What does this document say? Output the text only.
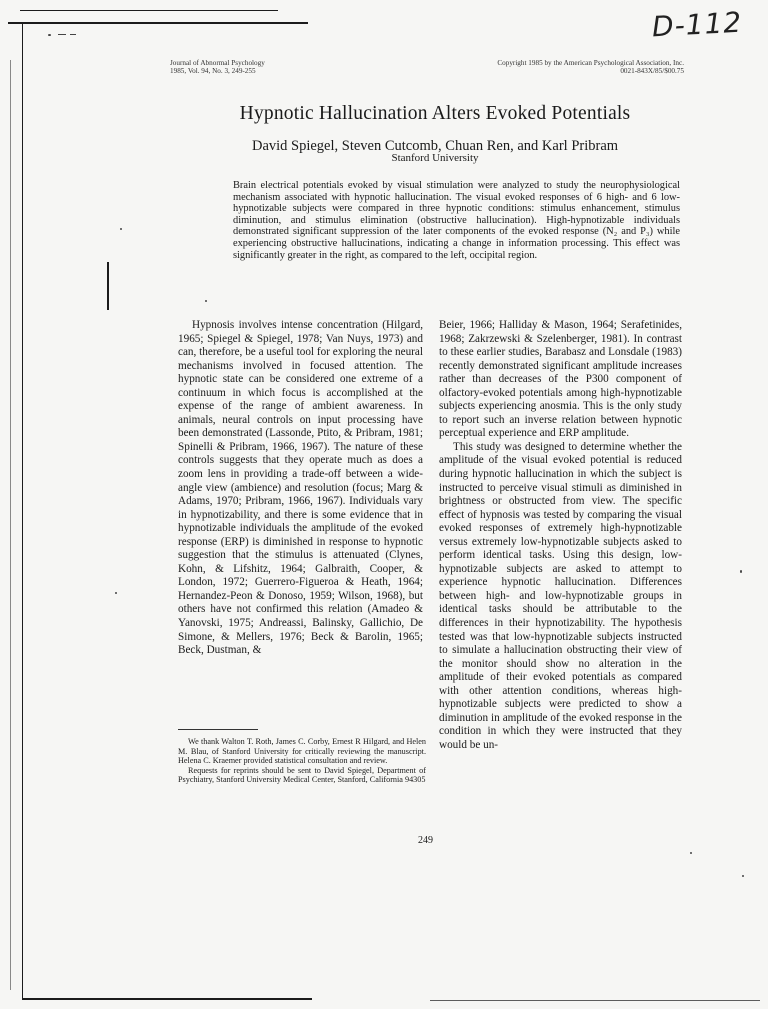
D-112
Journal of Abnormal Psychology
1985, Vol. 94, No. 3, 249-255
Copyright 1985 by the American Psychological Association, Inc.
0021-843X/85/$00.75
Hypnotic Hallucination Alters Evoked Potentials
David Spiegel, Steven Cutcomb, Chuan Ren, and Karl Pribram
Stanford University
Brain electrical potentials evoked by visual stimulation were analyzed to study the neurophysiological mechanism associated with hypnotic hallucination. The visual evoked responses of 6 high- and 6 low-hypnotizable subjects were compared in three hypnotic conditions: stimulus enhancement, stimulus diminution, and stimulus elimination (obstructive hallucination). High-hypnotizable individuals demonstrated significant suppression of the later components of the evoked response (N₂ and P₃) while experiencing obstructive hallucinations, indicating a change in information processing. This effect was significantly greater in the right, as compared to the left, occipital region.

Hypnosis involves intense concentration (Hilgard, 1965; Spiegel & Spiegel, 1978; Van Nuys, 1973) and can, therefore, be a useful tool for exploring the neural mechanisms involved in focused attention. The hypnotic state can be considered one extreme of a continuum in which focus is accomplished at the expense of the range of ambient awareness. In animals, neural controls on input processing have been demonstrated (Lassonde, Ptito, & Pribram, 1981; Spinelli & Pribram, 1966, 1967). The nature of these controls suggests that they operate much as does a zoom lens in providing a trade-off between a wide-angle view (ambience) and resolution (focus; Marg & Adams, 1970; Pribram, 1966, 1967). Individuals vary in hypnotizability, and there is some evidence that in hypnotizable individuals the amplitude of the evoked response (ERP) is diminished in response to hypnotic suggestion that the stimulus is attenuated (Clynes, Kohn, & Lifshitz, 1964; Galbraith, Cooper, & London, 1972; Guerrero-Figueroa & Heath, 1964; Hernandez-Peon & Donoso, 1959; Wilson, 1968), but others have not confirmed this relation (Amadeo & Yanovski, 1975; Andreassi, Balinsky, Gallichio, De Simone, & Mellers, 1976; Beck & Barolin, 1965; Beck, Dustman, &

Beier, 1966; Halliday & Mason, 1964; Serafetinides, 1968; Zakrzewski & Szelenberger, 1981). In contrast to these earlier studies, Barabasz and Lonsdale (1983) recently demonstrated significant amplitude increases rather than decreases of the P300 component of olfactory-evoked potentials among high-hypnotizable subjects experiencing anosmia. This is the only study to report such an inverse relation between hypnotic perceptual experience and ERP amplitude.

This study was designed to determine whether the amplitude of the visual evoked potential is reduced during hypnotic hallucination in which the subject is instructed to perceive visual stimuli as diminished in brightness or obstructed from view. The specific effect of hypnosis was tested by comparing the visual evoked responses of extremely high-hypnotizable versus extremely low-hypnotizable subjects asked to perform identical tasks. Using this design, low-hypnotizable subjects are asked to attempt to experience hypnotic hallucination. Differences between high- and low-hypnotizable groups in identical tasks should be attributable to the differences in their hypnotizability. The hypothesis tested was that low-hypnotizable subjects instructed to simulate a hallucination obstructing their view of the monitor should show no alteration in the amplitude of their evoked potentials as compared with other attention conditions, whereas high-hypnotizable subjects were predicted to show a diminution in amplitude of the evoked response in the condition in which they were instructed that they would be un-

We thank Walton T. Roth, James C. Corby, Ernest R Hilgard, and Helen M. Blau, of Stanford University for critically reviewing the manuscript. Helena C. Kraemer provided statistical consultation and review.

Requests for reprints should be sent to David Spiegel, Department of Psychiatry, Stanford University Medical Center, Stanford, California 94305

249
